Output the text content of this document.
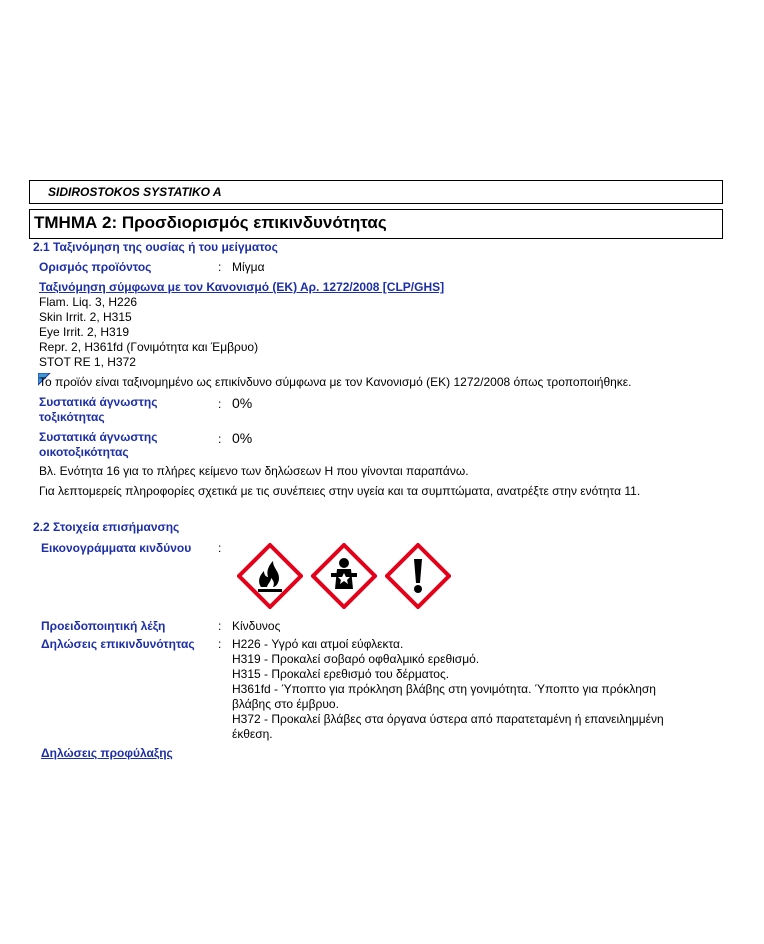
SIDIROSTOKOS SYSTATIKO A
ΤΜΗΜΑ 2: Προσδιορισμός επικινδυνότητας
2.1 Ταξινόμηση της ουσίας ή του μείγματος
Ορισμός προϊόντος	: Μίγμα
Ταξινόμηση σύμφωνα με τον Κανονισμό (ΕΚ) Αρ. 1272/2008 [CLP/GHS]
Flam. Liq. 3, H226
Skin Irrit. 2, H315
Eye Irrit. 2, H319
Repr. 2, H361fd (Γονιμότητα και Έμβρυο)
STOT RE 1, H372
Το προϊόν είναι ταξινομημένο ως επικίνδυνο σύμφωνα με τον Κανονισμό (ΕΚ) 1272/2008 όπως τροποποιήθηκε.
Συστατικά άγνωστης
τοξικότητας
: 0%
Συστατικά άγνωστης
οικοτοξικότητας
: 0%
Βλ. Ενότητα 16 για το πλήρες κείμενο των δηλώσεων Η που γίνονται παραπάνω.
Για λεπτομερείς πληροφορίες σχετικά με τις συνέπειες στην υγεία και τα συμπτώματα, ανατρέξτε στην ενότητα 11.
2.2 Στοιχεία επισήμανσης
Εικονογράμματα κινδύνου :
Προειδοποιητική λέξη	: Κίνδυνος
Δηλώσεις επικινδυνότητας : H226 - Υγρό και ατμοί εύφλεκτα.
H319 - Προκαλεί σοβαρό οφθαλμικό ερεθισμό.
H315 - Προκαλεί ερεθισμό του δέρματος.
H361fd - Ύποπτο για πρόκληση βλάβης στη γονιμότητα. Ύποπτο για πρόκληση
βλάβης στο έμβρυο.
H372 - Προκαλεί βλάβες στα όργανα ύστερα από παρατεταμένη ή επανειλημμένη
έκθεση.
Δηλώσεις προφύλαξης
